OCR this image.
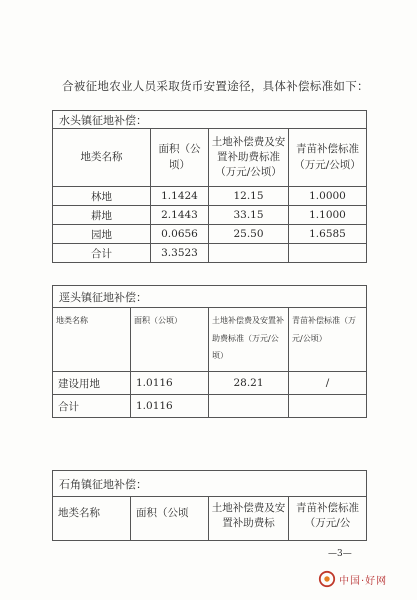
合被征地农业人员采取货币安置途径，具体补偿标准如下：
水头镇征地补偿：			
地类名称	面积（公顷）	土地补偿费及安置补助费标准（万元/公顷）	青苗补偿标准（万元/公顷）
林地	1.1424	12.15	1.0000
耕地	2.1443	33.15	1.1000
园地	0.0656	25.50	1.6585
合计	3.3523		
逕头镇征地补偿：			
地类名称	面积（公顷）	土地补偿费及安置补助费标准（万元/公顷）	青苗补偿标准（万元/公顷）
建设用地	1.0116	28.21	/
合计	1.0116		
石角镇征地补偿：
地类名称	面积（公顷	土地补偿费及安置补助费标	青苗补偿标准（万元/公
—3—
中国·好网
